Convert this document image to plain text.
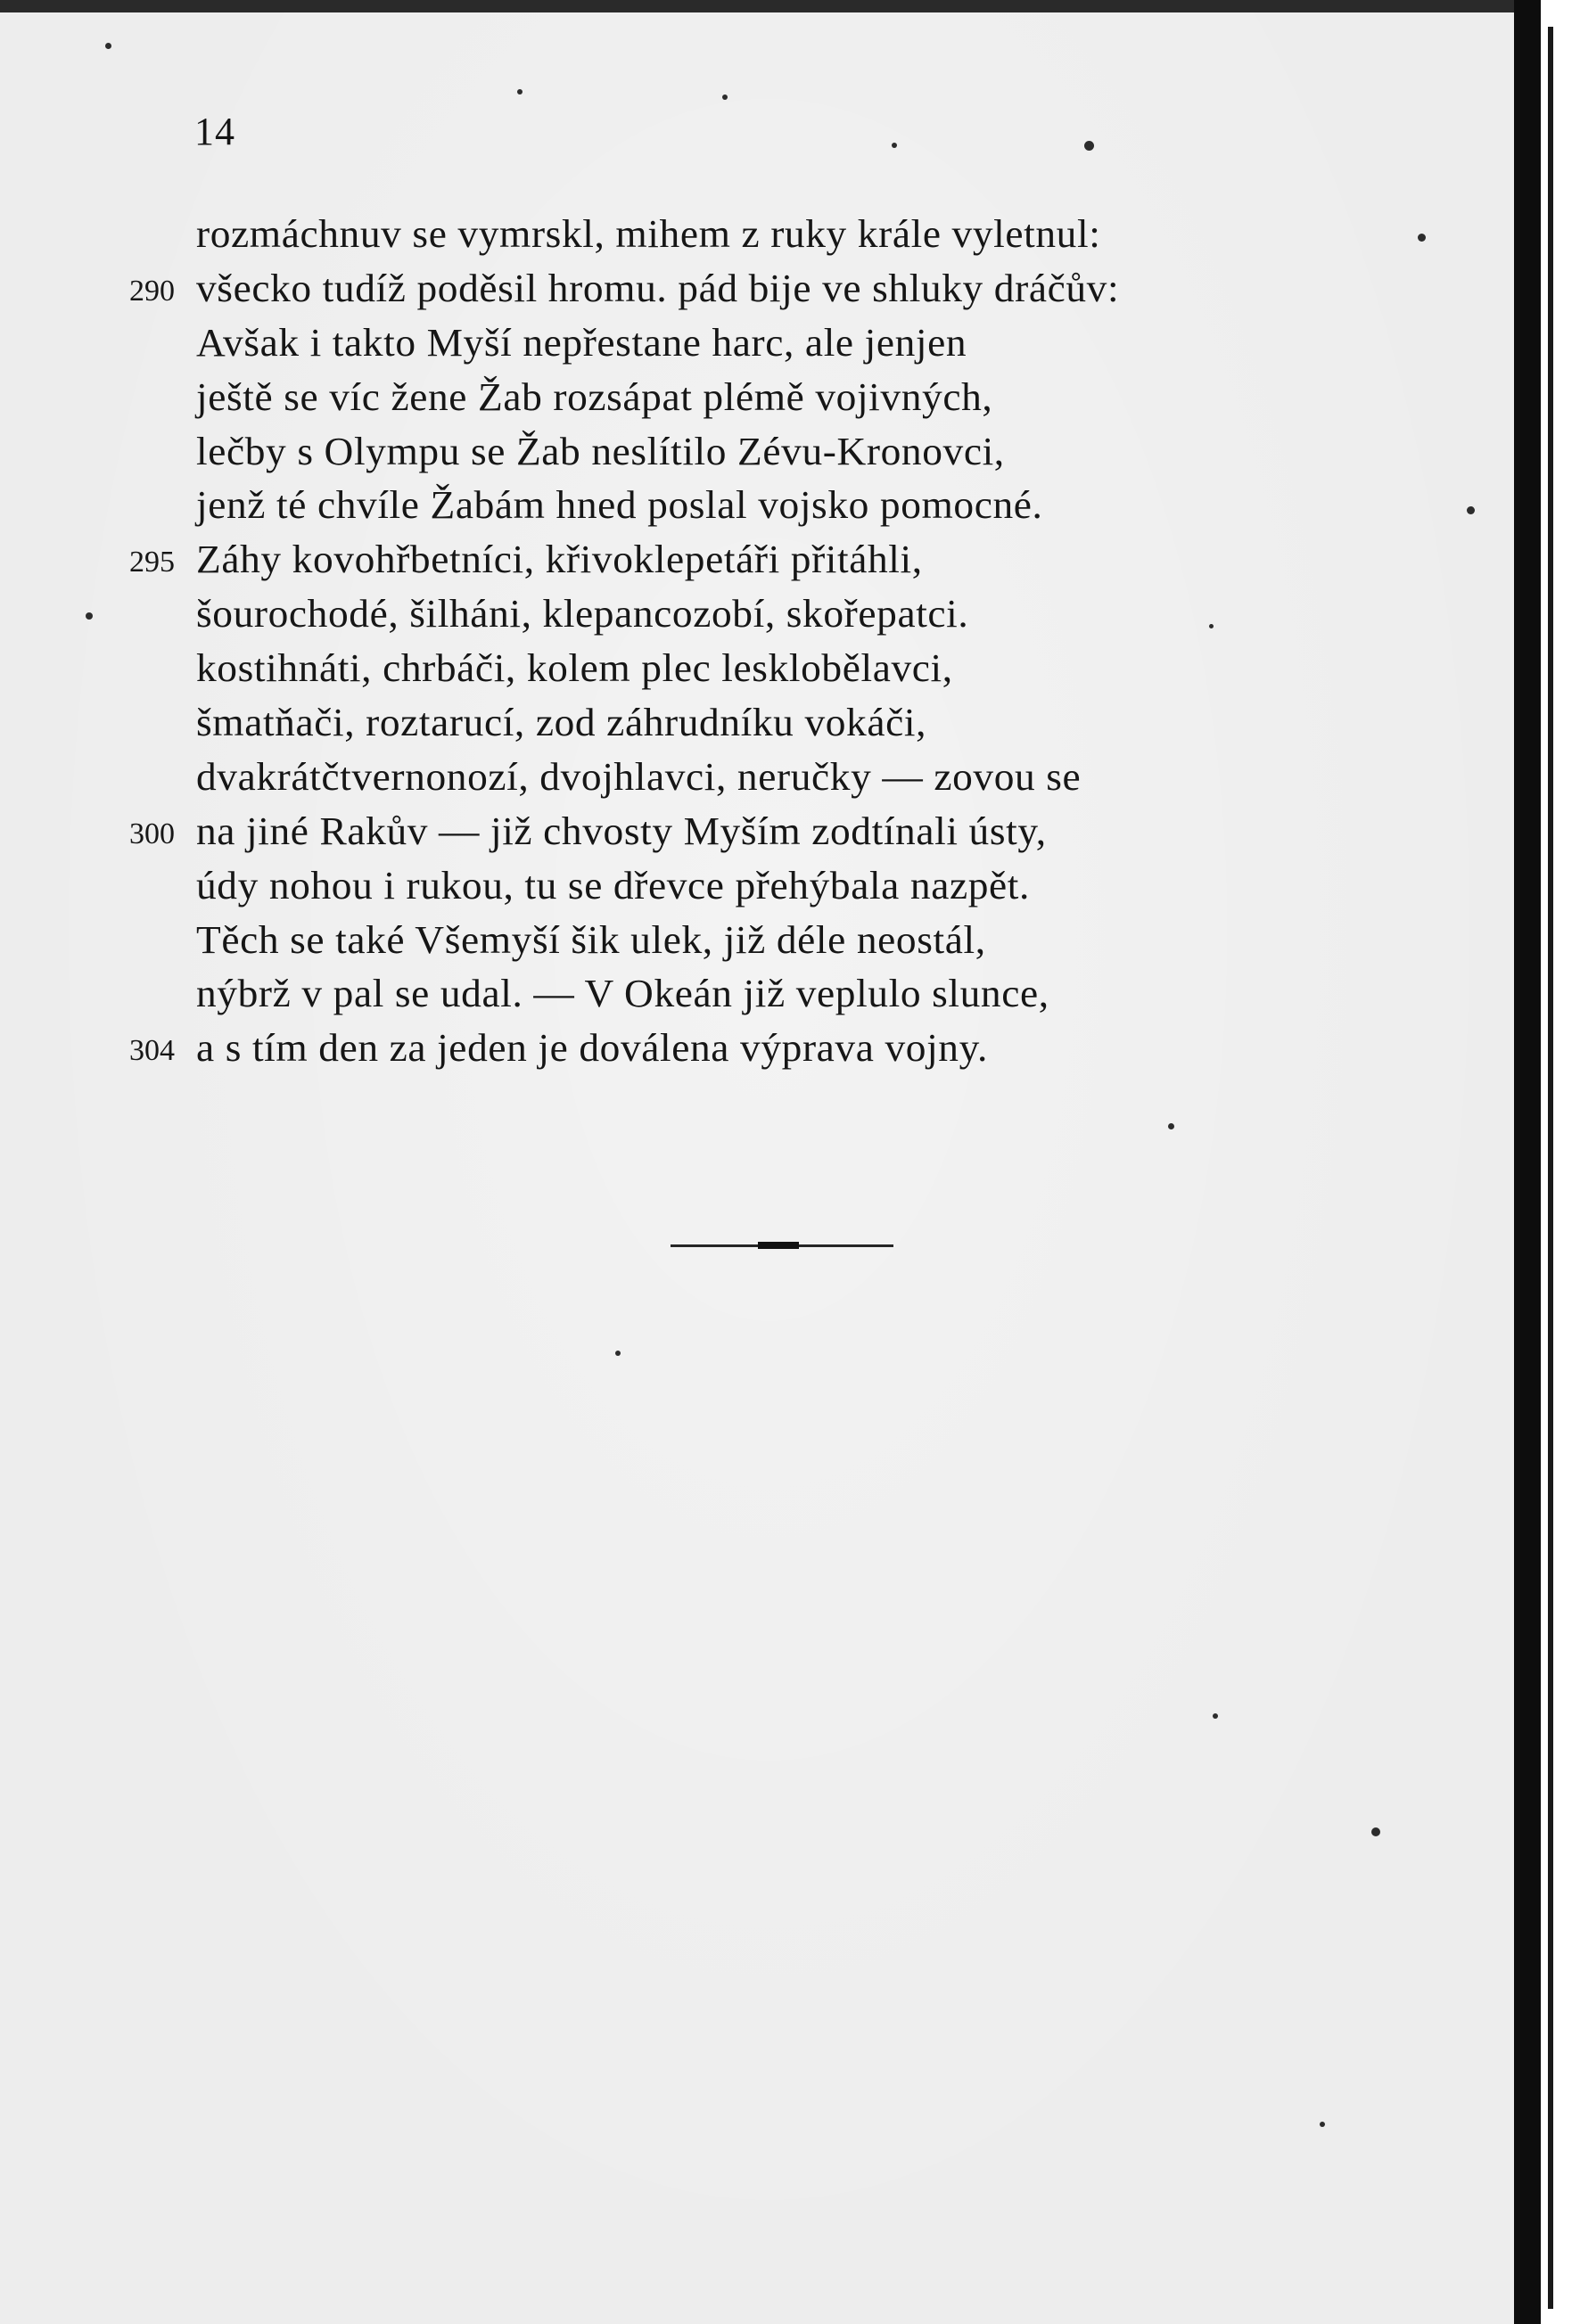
14
rozmáchnuv se vymrskl, mihem z ruky krále vyletnul:
290 všecko tudíž poděsil hromu. pád bije ve shluky dráčův:
Avšak i takto Myší nepřestane harc, ale jenjen
ještě se víc žene Žab rozsápat plémě vojivných,
lečby s Olympu se Žab neslítilo Zévu-Kronovci,
jenž té chvíle Žabám hned poslal vojsko pomocné.
295 Záhy kovohřbetníci, křivoklepetáři přitáhli,
šourochodé, šilháni, klepancozobí, skořepatci.
kostihnáti, chrbáči, kolem plec lesklobělavci,
šmatňači, roztarucí, zod záhrudníku vokáči,
dvakrátčtvernonozí, dvojhlavci, neručky — zovou se
300 na jiné Rakův — již chvosty Myším zodtínali ústy,
údy nohou i rukou, tu se dřevce přehýbala nazpět.
Těch se také Všemyší šik ulek, již déle neostál,
nýbrž v pal se udal. — V Okeán již veplulo slunce,
304 a s tím den za jeden je doválena výprava vojny.
